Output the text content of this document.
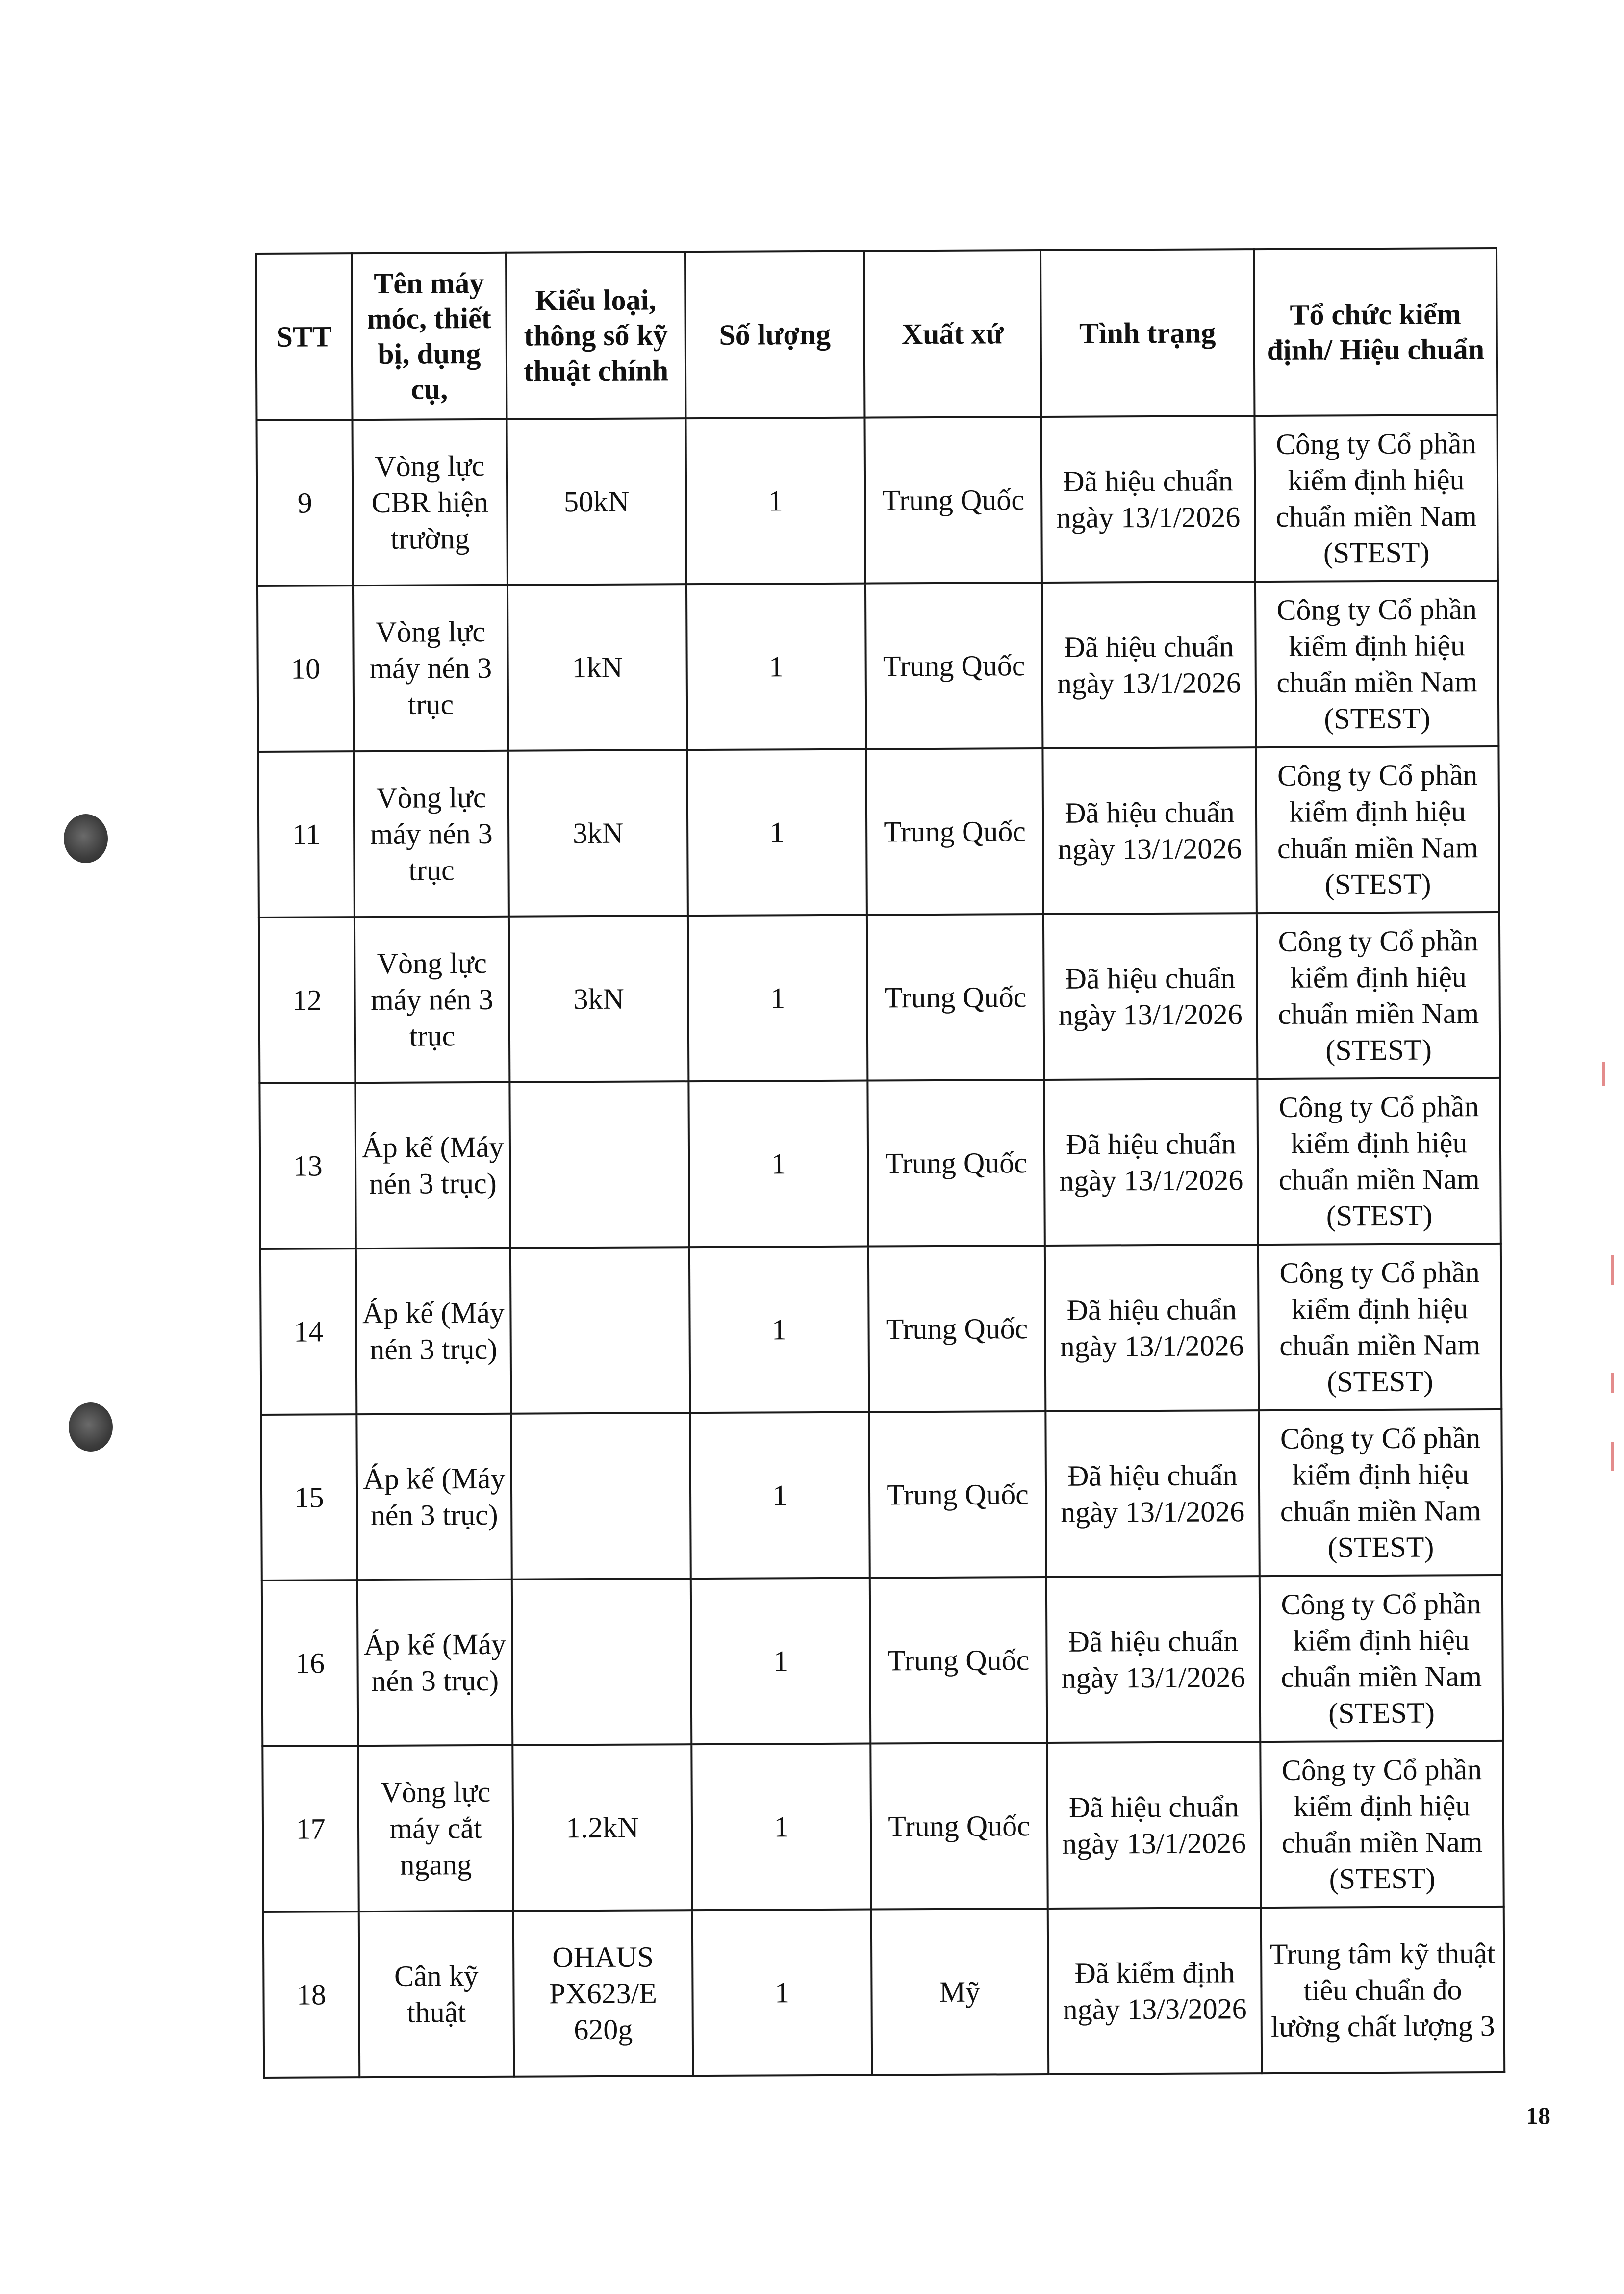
STT	Tên máy móc, thiết bị, dụng cụ,	Kiểu loại, thông số kỹ thuật chính	Số lượng	Xuất xứ	Tình trạng	Tổ chức kiểm định/ Hiệu chuẩn
9	Vòng lực CBR hiện trường	50kN	1	Trung Quốc	Đã hiệu chuẩn ngày 13/1/2026	Công ty Cổ phần kiểm định hiệu chuẩn miền Nam (STEST)
10	Vòng lực máy nén 3 trục	1kN	1	Trung Quốc	Đã hiệu chuẩn ngày 13/1/2026	Công ty Cổ phần kiểm định hiệu chuẩn miền Nam (STEST)
11	Vòng lực máy nén 3 trục	3kN	1	Trung Quốc	Đã hiệu chuẩn ngày 13/1/2026	Công ty Cổ phần kiểm định hiệu chuẩn miền Nam (STEST)
12	Vòng lực máy nén 3 trục	3kN	1	Trung Quốc	Đã hiệu chuẩn ngày 13/1/2026	Công ty Cổ phần kiểm định hiệu chuẩn miền Nam (STEST)
13	Áp kế (Máy nén 3 trục)		1	Trung Quốc	Đã hiệu chuẩn ngày 13/1/2026	Công ty Cổ phần kiểm định hiệu chuẩn miền Nam (STEST)
14	Áp kế (Máy nén 3 trục)		1	Trung Quốc	Đã hiệu chuẩn ngày 13/1/2026	Công ty Cổ phần kiểm định hiệu chuẩn miền Nam (STEST)
15	Áp kế (Máy nén 3 trục)		1	Trung Quốc	Đã hiệu chuẩn ngày 13/1/2026	Công ty Cổ phần kiểm định hiệu chuẩn miền Nam (STEST)
16	Áp kế (Máy nén 3 trục)		1	Trung Quốc	Đã hiệu chuẩn ngày 13/1/2026	Công ty Cổ phần kiểm định hiệu chuẩn miền Nam (STEST)
17	Vòng lực máy cắt ngang	1.2kN	1	Trung Quốc	Đã hiệu chuẩn ngày 13/1/2026	Công ty Cổ phần kiểm định hiệu chuẩn miền Nam (STEST)
18	Cân kỹ thuật	OHAUS PX623/E 620g	1	Mỹ	Đã kiểm định ngày 13/3/2026	Trung tâm kỹ thuật tiêu chuẩn đo lường chất lượng 3
18
